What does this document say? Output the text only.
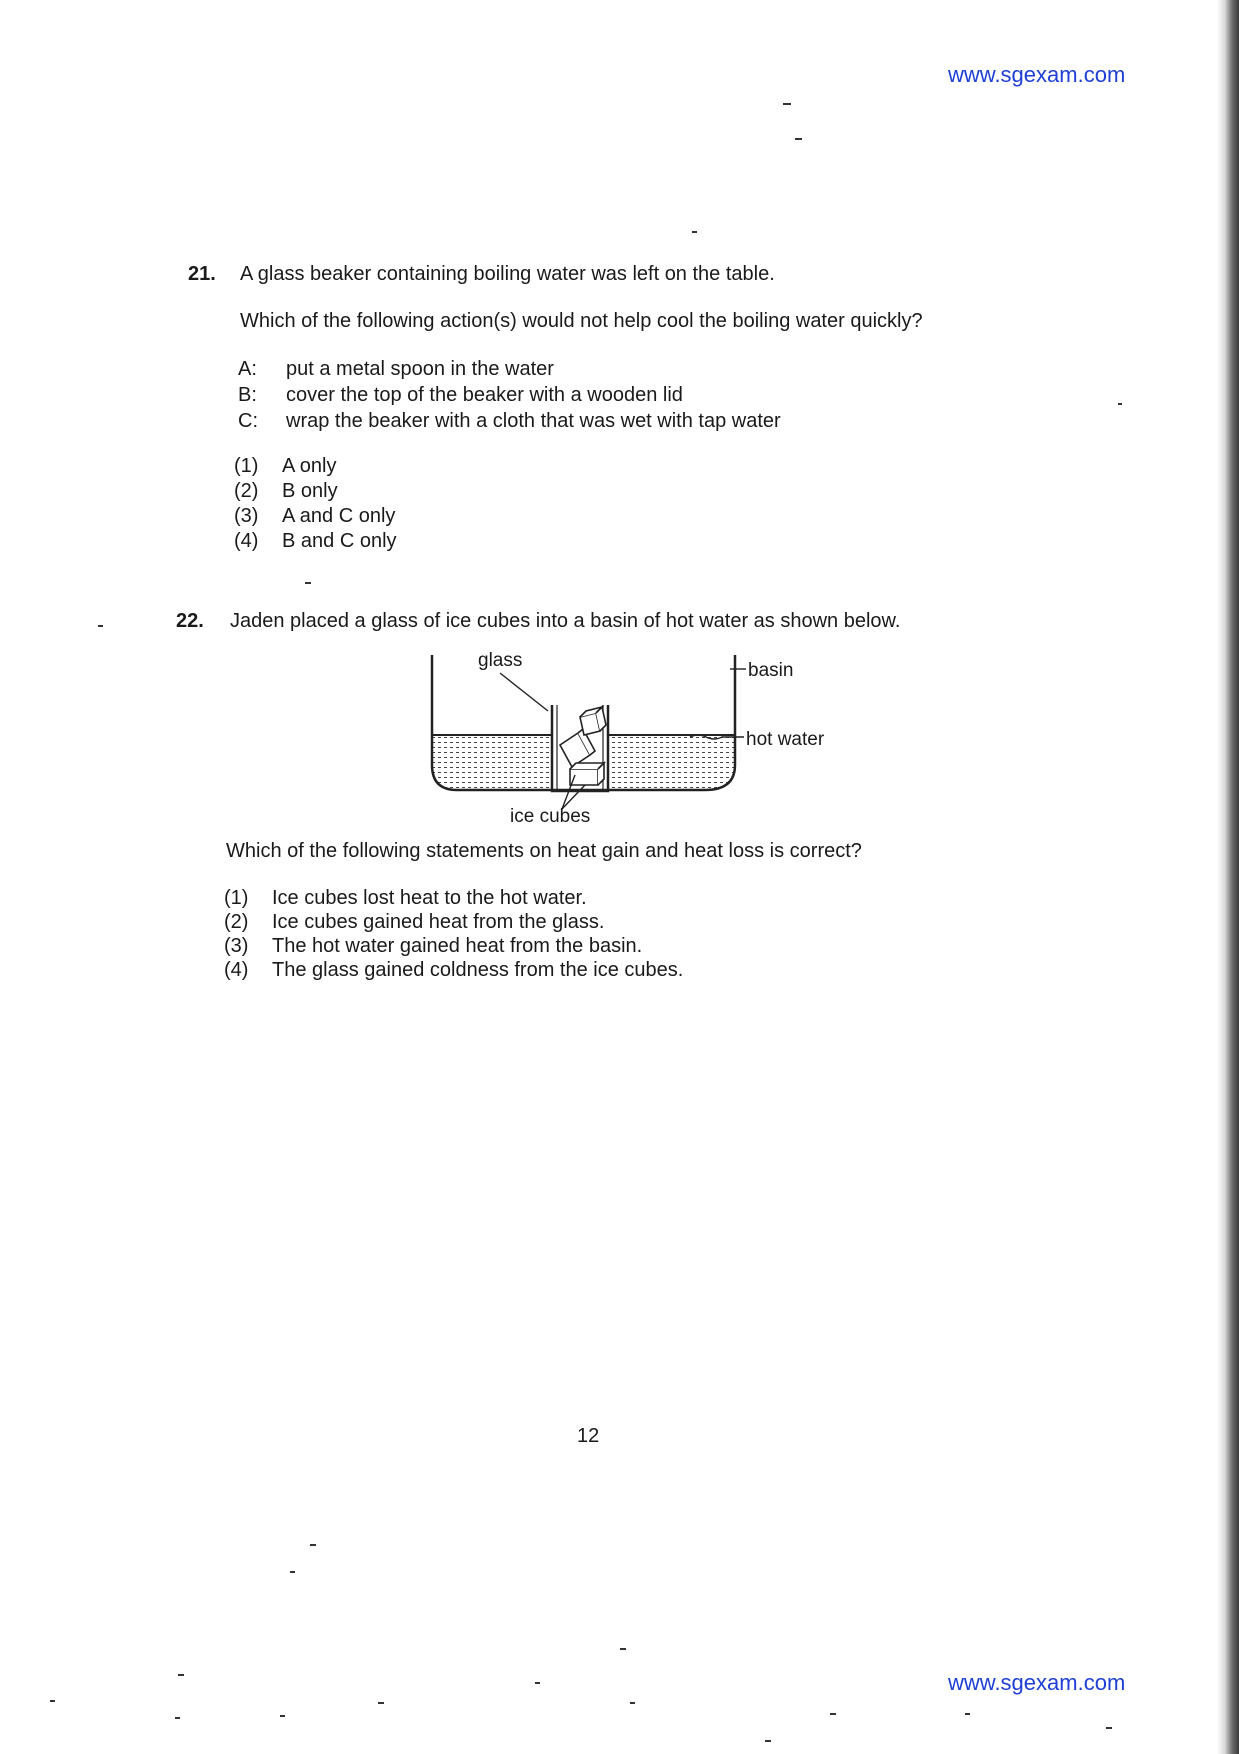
www.sgexam.com
21. A glass beaker containing boiling water was left on the table.
Which of the following action(s) would not help cool the boiling water quickly?
A: put a metal spoon in the water
B: cover the top of the beaker with a wooden lid
C: wrap the beaker with a cloth that was wet with tap water
(1) A only
(2) B only
(3) A and C only
(4) B and C only
22. Jaden placed a glass of ice cubes into a basin of hot water as shown below.
glass	basin
hot water
ice cubes
Which of the following statements on heat gain and heat loss is correct?
(1) Ice cubes lost heat to the hot water.
(2) Ice cubes gained heat from the glass.
(3) The hot water gained heat from the basin.
(4) The glass gained coldness from the ice cubes.
12
www.sgexam.com
